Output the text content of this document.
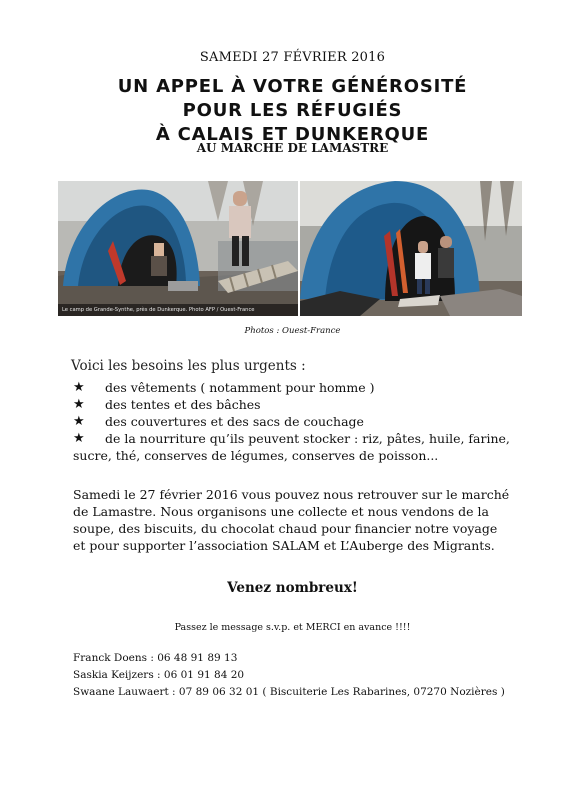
SAMEDI 27 FÉVRIER 2016
UN APPEL À VOTRE GÉNÉROSITÉ
POUR LES RÉFUGIÉS
À CALAIS ET DUNKERQUE
AU MARCHE DE LAMASTRE
Le camp de Grande-Synthe, près de Dunkerque. Photo AFP / Ouest-France
Photos : Ouest-France
Voici les besoins les plus urgents :
★ des vêtements ( notamment pour homme )
★ des tentes et des bâches
★ des couvertures et des sacs de couchage
★ de la nourriture qu’ils peuvent stocker : riz, pâtes, huile, farine, sucre, thé, conserves de légumes, conserves de poisson...
Samedi le 27 février 2016 vous pouvez nous retrouver sur le marché de Lamastre. Nous organisons une collecte et nous vendons de la soupe, des biscuits, du chocolat chaud pour financier notre voyage et pour supporter l’association SALAM et L’Auberge des Migrants.
Venez nombreux!
Passez le message s.v.p. et MERCI en avance !!!!
Franck Doens : 06 48 91 89 13
Saskia Keijzers : 06 01 91 84 20
Swaane Lauwaert : 07 89 06 32 01 ( Biscuiterie Les Rabarines, 07270 Nozières )
